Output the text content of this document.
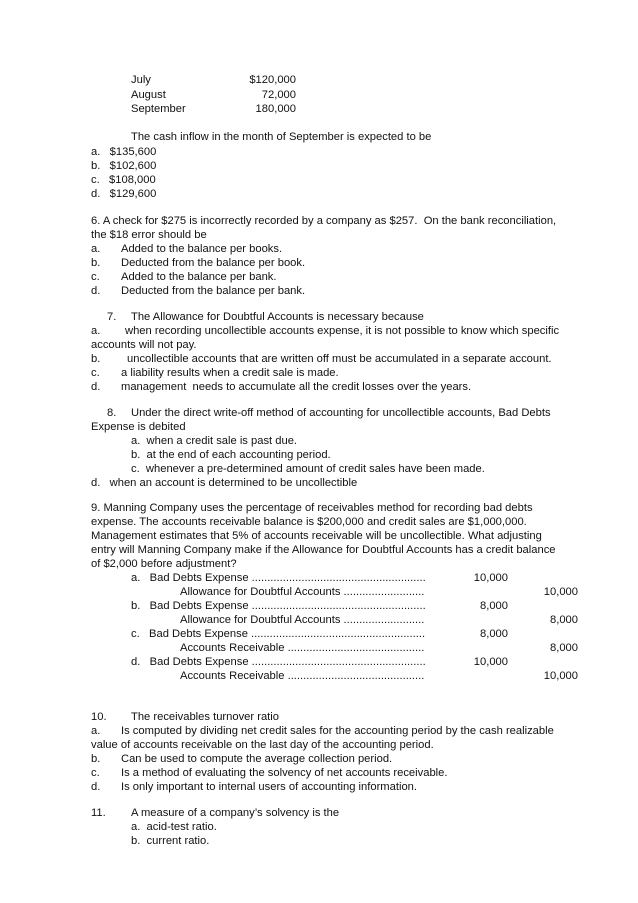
July	$120,000
August	72,000
September	180,000
The cash inflow in the month of September is expected to be
a.   $135,600
b.   $102,600
c.   $108,000
d.   $129,600
6. A check for $275 is incorrectly recorded by a company as $257.  On the bank reconciliation,
the $18 error should be
a. Added to the balance per books.
b. Deducted from the balance per book.
c. Added to the balance per bank.
d. Deducted from the balance per bank.
7. The Allowance for Doubtful Accounts is necessary because
a. when recording uncollectible accounts expense, it is not possible to know which specific
accounts will not pay.
b. uncollectible accounts that are written off must be accumulated in a separate account.
c. a liability results when a credit sale is made.
d. management  needs to accumulate all the credit losses over the years.
8. Under the direct write-off method of accounting for uncollectible accounts, Bad Debts
Expense is debited
a.  when a credit sale is past due.
b.  at the end of each accounting period.
c.  whenever a pre-determined amount of credit sales have been made.
d.   when an account is determined to be uncollectible
9. Manning Company uses the percentage of receivables method for recording bad debts
expense. The accounts receivable balance is $200,000 and credit sales are $1,000,000.
Management estimates that 5% of accounts receivable will be uncollectible. What adjusting
entry will Manning Company make if the Allowance for Doubtful Accounts has a credit balance
of $2,000 before adjustment?
a.   Bad Debts Expense ........................................................	10,000
Allowance for Doubtful Accounts ..........................	10,000
b.   Bad Debts Expense ........................................................	8,000
Allowance for Doubtful Accounts ..........................	8,000
c.   Bad Debts Expense ........................................................	8,000
Accounts Receivable ............................................	8,000
d.   Bad Debts Expense ........................................................	10,000
Accounts Receivable ............................................	10,000
10. The receivables turnover ratio
a. Is computed by dividing net credit sales for the accounting period by the cash realizable
value of accounts receivable on the last day of the accounting period.
b. Can be used to compute the average collection period.
c. Is a method of evaluating the solvency of net accounts receivable.
d. Is only important to internal users of accounting information.
11. A measure of a company’s solvency is the
a.  acid-test ratio.
b.  current ratio.
